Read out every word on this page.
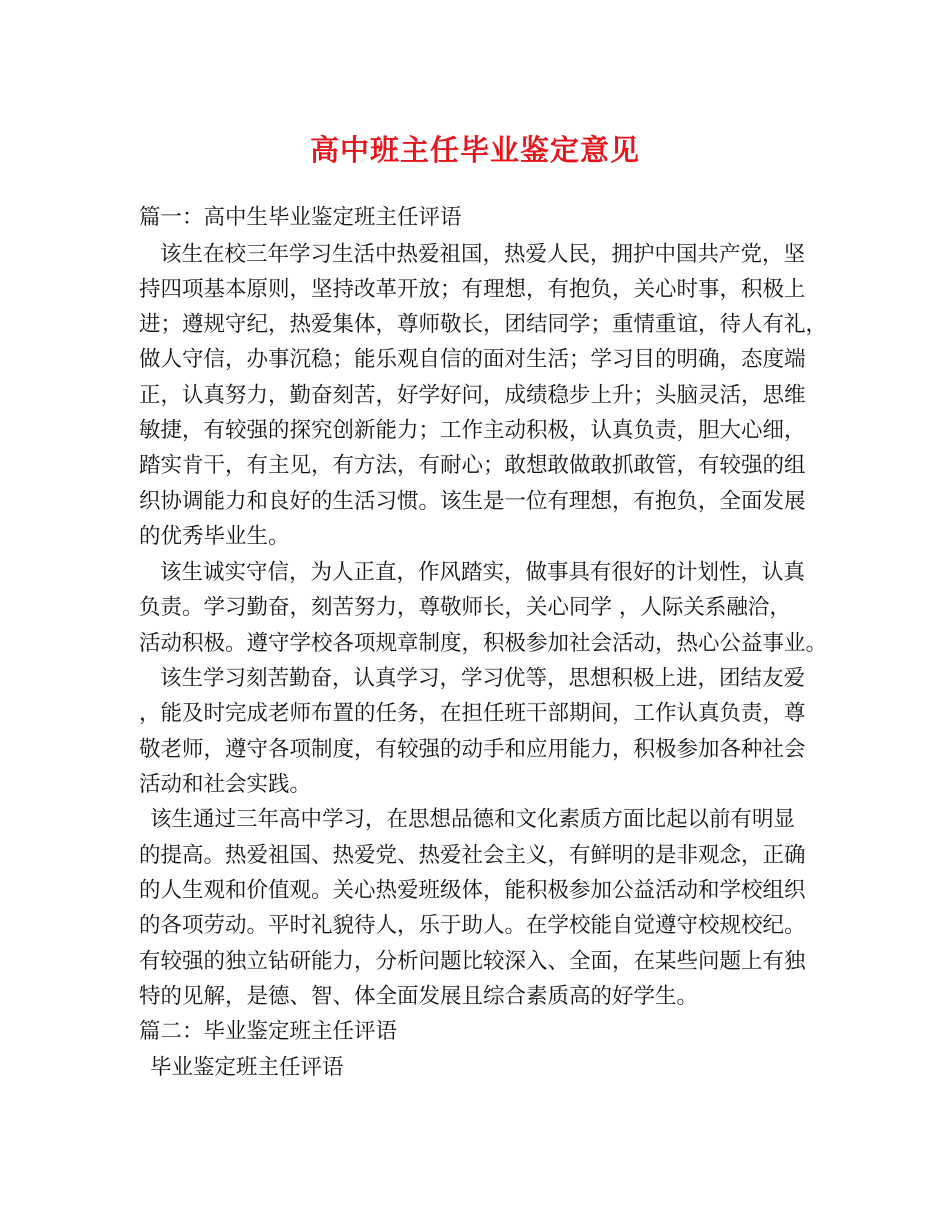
高中班主任毕业鉴定意见
篇一：高中生毕业鉴定班主任评语
该生在校三年学习生活中热爱祖国，热爱人民，拥护中国共产党，坚
持四项基本原则，坚持改革开放；有理想，有抱负，关心时事，积极上
进；遵规守纪，热爱集体，尊师敬长，团结同学；重情重谊，待人有礼，
做人守信，办事沉稳；能乐观自信的面对生活；学习目的明确，态度端
正，认真努力，勤奋刻苦，好学好问，成绩稳步上升；头脑灵活，思维
敏捷，有较强的探究创新能力；工作主动积极，认真负责，胆大心细，
踏实肯干，有主见，有方法，有耐心；敢想敢做敢抓敢管，有较强的组
织协调能力和良好的生活习惯。该生是一位有理想，有抱负，全面发展
的优秀毕业生。
该生诚实守信，为人正直，作风踏实，做事具有很好的计划性，认真
负责。学习勤奋，刻苦努力，尊敬师长，关心同学 ，人际关系融洽，
活动积极。遵守学校各项规章制度，积极参加社会活动，热心公益事业。
该生学习刻苦勤奋，认真学习，学习优等，思想积极上进，团结友爱
，能及时完成老师布置的任务，在担任班干部期间，工作认真负责，尊
敬老师，遵守各项制度，有较强的动手和应用能力，积极参加各种社会
活动和社会实践。
该生通过三年高中学习，在思想品德和文化素质方面比起以前有明显
的提高。热爱祖国、热爱党、热爱社会主义，有鲜明的是非观念，正确
的人生观和价值观。关心热爱班级体，能积极参加公益活动和学校组织
的各项劳动。平时礼貌待人，乐于助人。在学校能自觉遵守校规校纪。
有较强的独立钻研能力，分析问题比较深入、全面，在某些问题上有独
特的见解，是德、智、体全面发展且综合素质高的好学生。
篇二：毕业鉴定班主任评语
毕业鉴定班主任评语
